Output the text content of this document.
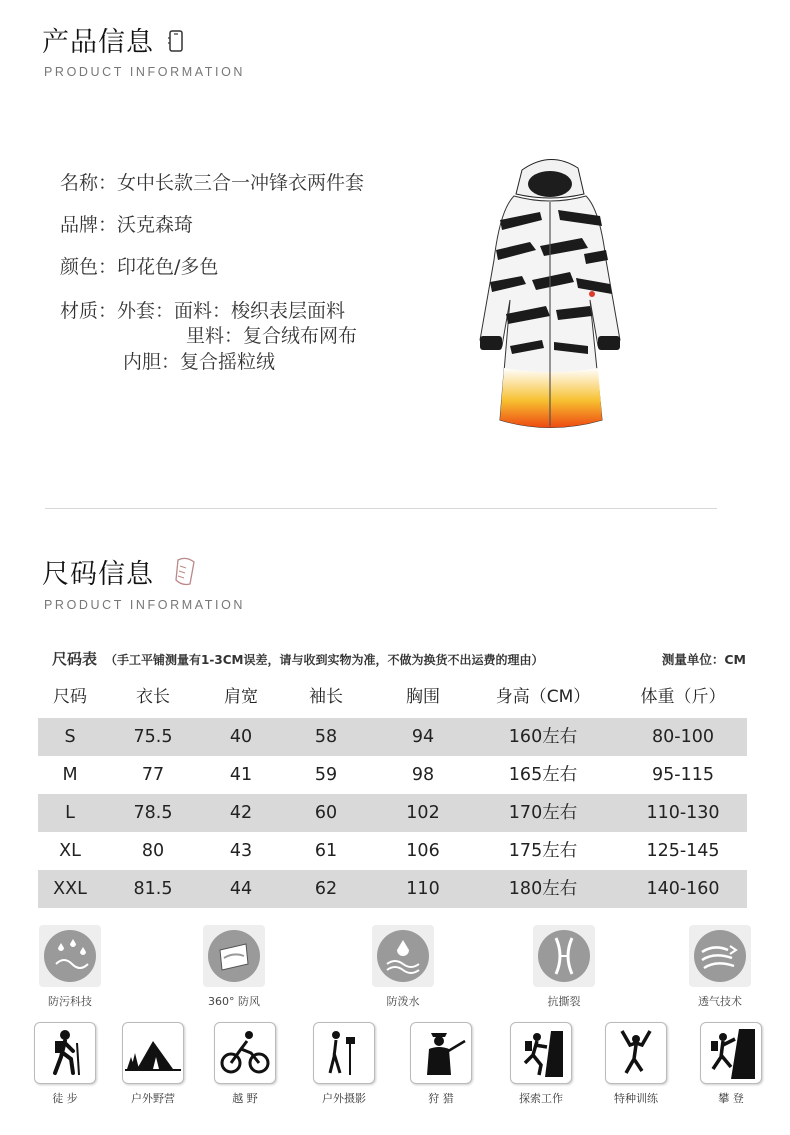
产品信息
PRODUCT INFORMATION
名称：女中长款三合一冲锋衣两件套
品牌：沃克森琦
颜色：印花色/多色
材质：外套：面料：梭织表层面料
里料：复合绒布网布
内胆：复合摇粒绒
尺码信息
PRODUCT INFORMATION
尺码表 （手工平铺测量有1-3CM误差，请与收到实物为准，不做为换货不出运费的理由）	测量单位：CM
尺码	衣长	肩宽	袖长	胸围	身高（CM）	体重（斤）
S	75.5	40	58	94	160左右	80-100
M	77	41	59	98	165左右	95-115
L	78.5	42	60	102	170左右	110-130
XL	80	43	61	106	175左右	125-145
XXL	81.5	44	62	110	180左右	140-160
防污科技	360° 防风	防泼水	抗撕裂	透气技术
徒 步	户外野营	越 野	户外摄影	狩 猎	探索工作	特种训练	攀 登
